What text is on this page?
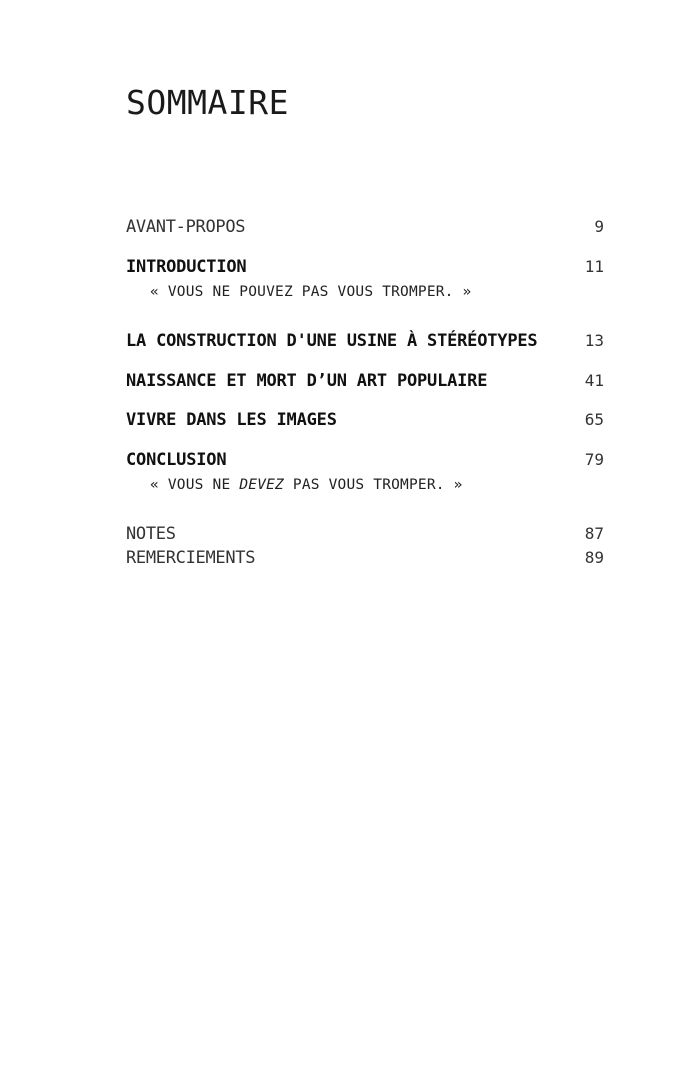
SOMMAIRE
AVANT-PROPOS	9
INTRODUCTION	11
« VOUS NE POUVEZ PAS VOUS TROMPER. »
LA CONSTRUCTION D'UNE USINE À STÉRÉOTYPES	13
NAISSANCE ET MORT D’UN ART POPULAIRE	41
VIVRE DANS LES IMAGES	65
CONCLUSION	79
« VOUS NE DEVEZ PAS VOUS TROMPER. »
NOTES	87
REMERCIEMENTS	89
